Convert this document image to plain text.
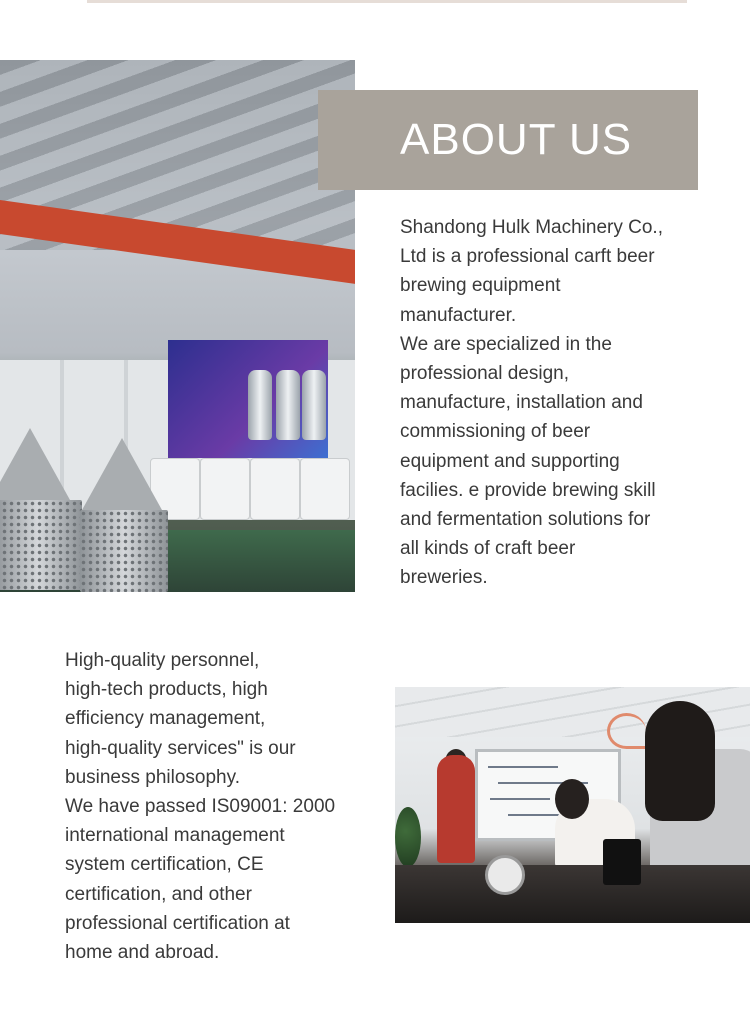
ABOUT US

Shandong Hulk Machinery Co.,
Ltd is a professional carft beer
brewing equipment
manufacturer.
We are specialized in the
professional design,
manufacture, installation and
commissioning of beer
equipment and supporting
facilies. e provide brewing skill
and fermentation solutions for
all kinds of craft beer
breweries.

High-quality personnel,
high-tech products, high
efficiency management,
high-quality services" is our
business philosophy.
We have passed IS09001: 2000
international management
system certification, CE
certification, and other
professional certification at
home and abroad.
